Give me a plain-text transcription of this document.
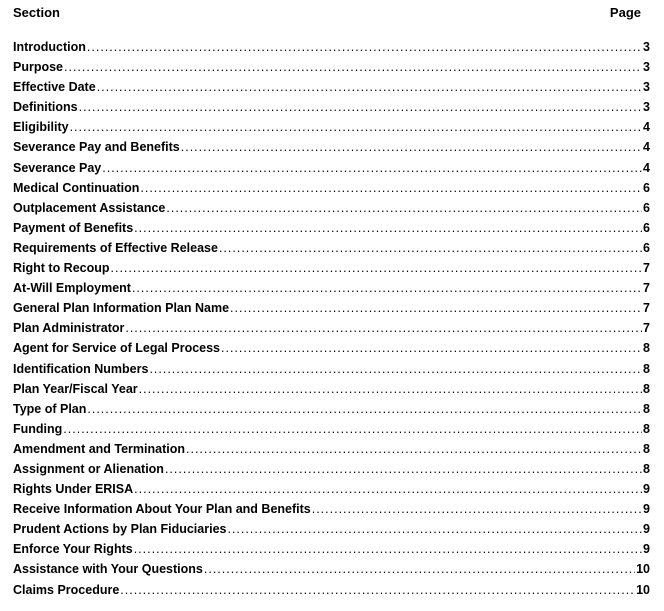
Section	Page
Introduction .....	3
Purpose .....	3
Effective Date .....	3
Definitions .....	3
Eligibility .....	4
Severance Pay and Benefits .....	4
Severance Pay .....	4
Medical Continuation .....	6
Outplacement Assistance .....	6
Payment of Benefits .....	6
Requirements of Effective Release .....	6
Right to Recoup .....	7
At-Will Employment .....	7
General Plan Information Plan Name .....	7
Plan Administrator .....	7
Agent for Service of Legal Process .....	8
Identification Numbers .....	8
Plan Year/Fiscal Year .....	8
Type of Plan .....	8
Funding .....	8
Amendment and Termination .....	8
Assignment or Alienation .....	8
Rights Under ERISA .....	9
Receive Information About Your Plan and Benefits .....	9
Prudent Actions by Plan Fiduciaries .....	9
Enforce Your Rights .....	9
Assistance with Your Questions .....	10
Claims Procedure .....	10
